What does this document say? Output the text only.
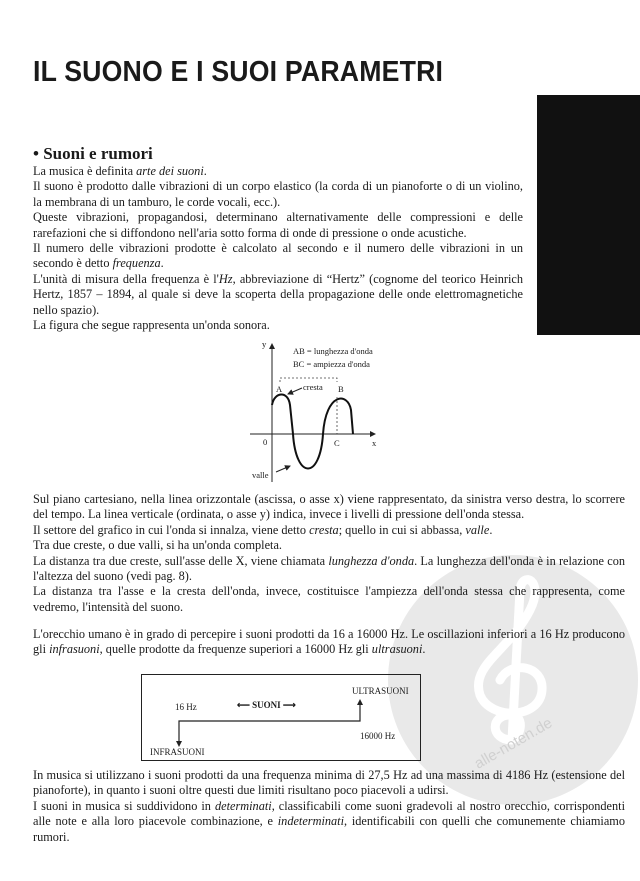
alle-noten.de
IL SUONO E I SUOI PARAMETRI
• Suoni e rumori

La musica è definita arte dei suoni.

Il suono è prodotto dalle vibrazioni di un corpo elastico (la corda di un pianoforte o di un violino, la membrana di un tamburo, le corde vocali, ecc.).

Queste vibrazioni, propagandosi, determinano alternativamente delle compressioni e delle rarefazioni che si diffondono nell'aria sotto forma di onde di pressione o onde acustiche.

Il numero delle vibrazioni prodotte è calcolato al secondo e il numero delle vibrazioni in un secondo è detto frequenza.

L'unità di misura della frequenza è l'Hz, abbreviazione di “Hertz” (cognome del teorico Heinrich Hertz, 1857 – 1894, al quale si deve la scoperta della propagazione delle onde elettromagnetiche nello spazio).

La figura che segue rappresenta un'onda sonora.

y
x
0
AB = lunghezza d'onda
BC = ampiezza d'onda
A	B
C
cresta
valle

Sul piano cartesiano, nella linea orizzontale (ascissa, o asse x) viene rappresentato, da sinistra verso destra, lo scorrere del tempo. La linea verticale (ordinata, o asse y) indica, invece i livelli di pressione dell'onda stessa.

Il settore del grafico in cui l'onda si innalza, viene detto cresta; quello in cui si abbassa, valle.

Tra due creste, o due valli, si ha un'onda completa.

La distanza tra due creste, sull'asse delle X, viene chiamata lunghezza d'onda. La lunghezza dell'onda è in relazione con l'altezza del suono (vedi pag. 8).

La distanza tra l'asse e la cresta dell'onda, invece, costituisce l'ampiezza dell'onda stessa che rappresenta, come vedremo, l'intensità del suono.

L'orecchio umano è in grado di percepire i suoni prodotti da 16 a 16000 Hz. Le oscillazioni inferiori a 16 Hz producono gli infrasuoni, quelle prodotte da frequenze superiori a 16000 Hz gli ultrasuoni.

16 Hz	⟵ SUONI ⟶
ULTRASUONI
16000 Hz
INFRASUONI

In musica si utilizzano i suoni prodotti da una frequenza minima di 27,5 Hz ad una massima di 4186 Hz (estensione del pianoforte), in quanto i suoni oltre questi due limiti risultano poco piacevoli a udirsi.

I suoni in musica si suddividono in determinati, classificabili come suoni gradevoli al nostro orecchio, corrispondenti alle note e alla loro piacevole combinazione, e indeterminati, identificabili con quelli che comunemente chiamiamo rumori.
